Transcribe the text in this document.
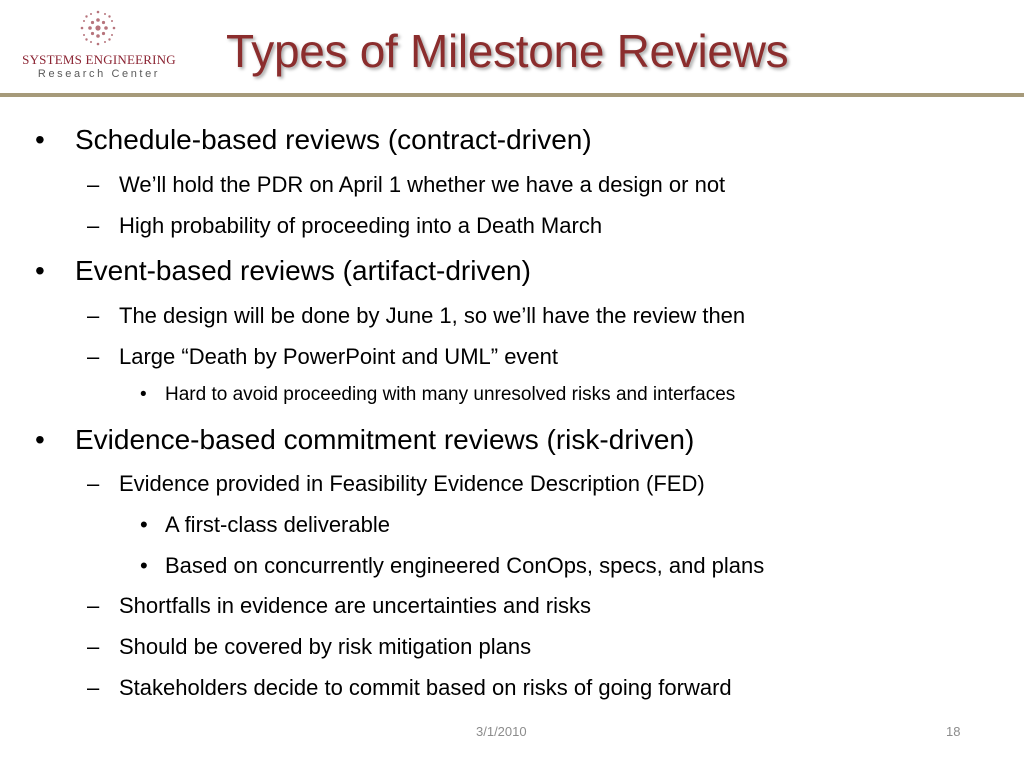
SYSTEMS ENGINEERING
Research Center	Types of Milestone Reviews
• Schedule-based reviews (contract-driven)
– We’ll hold the PDR on April 1 whether we have a design or not
– High probability of proceeding into a Death March
• Event-based reviews (artifact-driven)
– The design will be done by June 1, so we’ll have the review then
– Large “Death by PowerPoint and UML” event
• Hard to avoid proceeding with many unresolved risks and interfaces
• Evidence-based commitment reviews (risk-driven)
– Evidence provided in Feasibility Evidence Description (FED)
• A first-class deliverable
• Based on concurrently engineered ConOps, specs, and plans
– Shortfalls in evidence are uncertainties and risks
– Should be covered by risk mitigation plans
– Stakeholders decide to commit based on risks of going forward
3/1/2010	18
